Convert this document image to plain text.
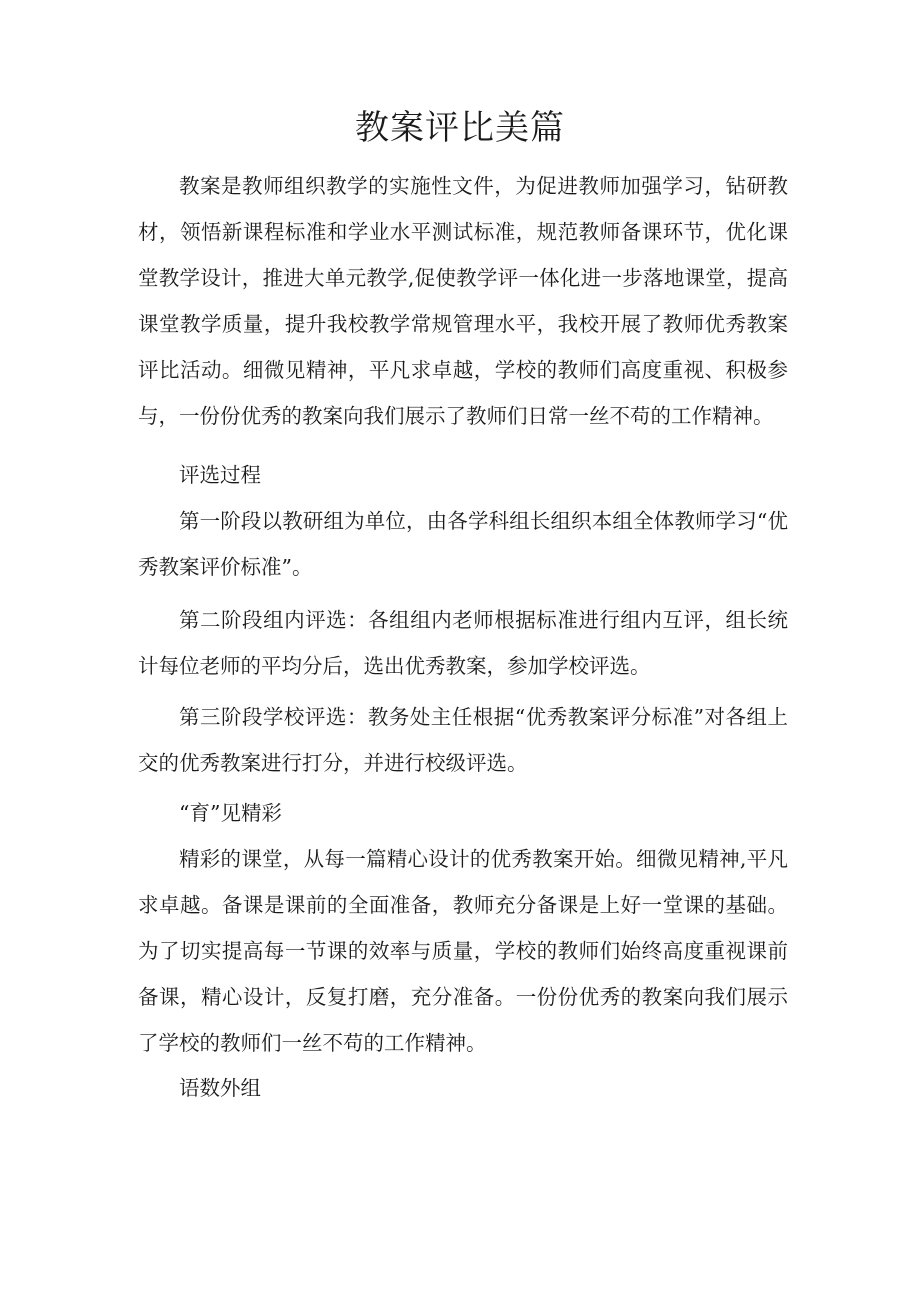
教案评比美篇

教案是教师组织教学的实施性文件，为促进教师加强学习，钻研教材，领悟新课程标准和学业水平测试标准，规范教师备课环节，优化课堂教学设计，推进大单元教学,促使教学评一体化进一步落地课堂，提高课堂教学质量，提升我校教学常规管理水平，我校开展了教师优秀教案评比活动。细微见精神，平凡求卓越，学校的教师们高度重视、积极参与，一份份优秀的教案向我们展示了教师们日常一丝不苟的工作精神。

评选过程

第一阶段以教研组为单位，由各学科组长组织本组全体教师学习“优秀教案评价标准”。

第二阶段组内评选：各组组内老师根据标准进行组内互评，组长统计每位老师的平均分后，选出优秀教案，参加学校评选。

第三阶段学校评选：教务处主任根据“优秀教案评分标准”对各组上交的优秀教案进行打分，并进行校级评选。

“育”见精彩

精彩的课堂，从每一篇精心设计的优秀教案开始。细微见精神,平凡求卓越。备课是课前的全面准备，教师充分备课是上好一堂课的基础。为了切实提高每一节课的效率与质量，学校的教师们始终高度重视课前备课，精心设计，反复打磨，充分准备。一份份优秀的教案向我们展示了学校的教师们一丝不苟的工作精神。

语数外组
